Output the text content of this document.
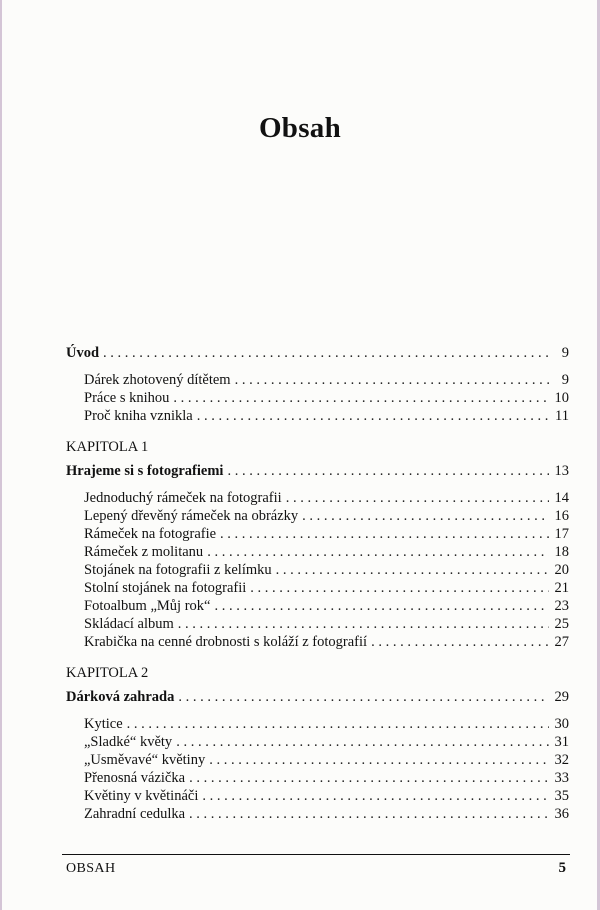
Obsah
Úvod . . .	9
Dárek zhotovený dítětem . . .	9
Práce s knihou . . .	10
Proč kniha vznikla . . .	11
KAPITOLA 1
Hrajeme si s fotografiemi . . .	13
Jednoduchý rámeček na fotografii . . .	14
Lepený dřevěný rámeček na obrázky . . .	16
Rámeček na fotografie . . .	17
Rámeček z molitanu . . .	18
Stojánek na fotografii z kelímku . . .	20
Stolní stojánek na fotografii . . .	21
Fotoalbum „Můj rok“ . . .	23
Skládací album . . .	25
Krabička na cenné drobnosti s koláží z fotografií . . .	27
KAPITOLA 2
Dárková zahrada . . .	29
Kytice . . .	30
„Sladké“ květy . . .	31
„Usměvavé“ květiny . . .	32
Přenosná vázička . . .	33
Květiny v květináči . . .	35
Zahradní cedulka . . .	36
OBSAH	5
